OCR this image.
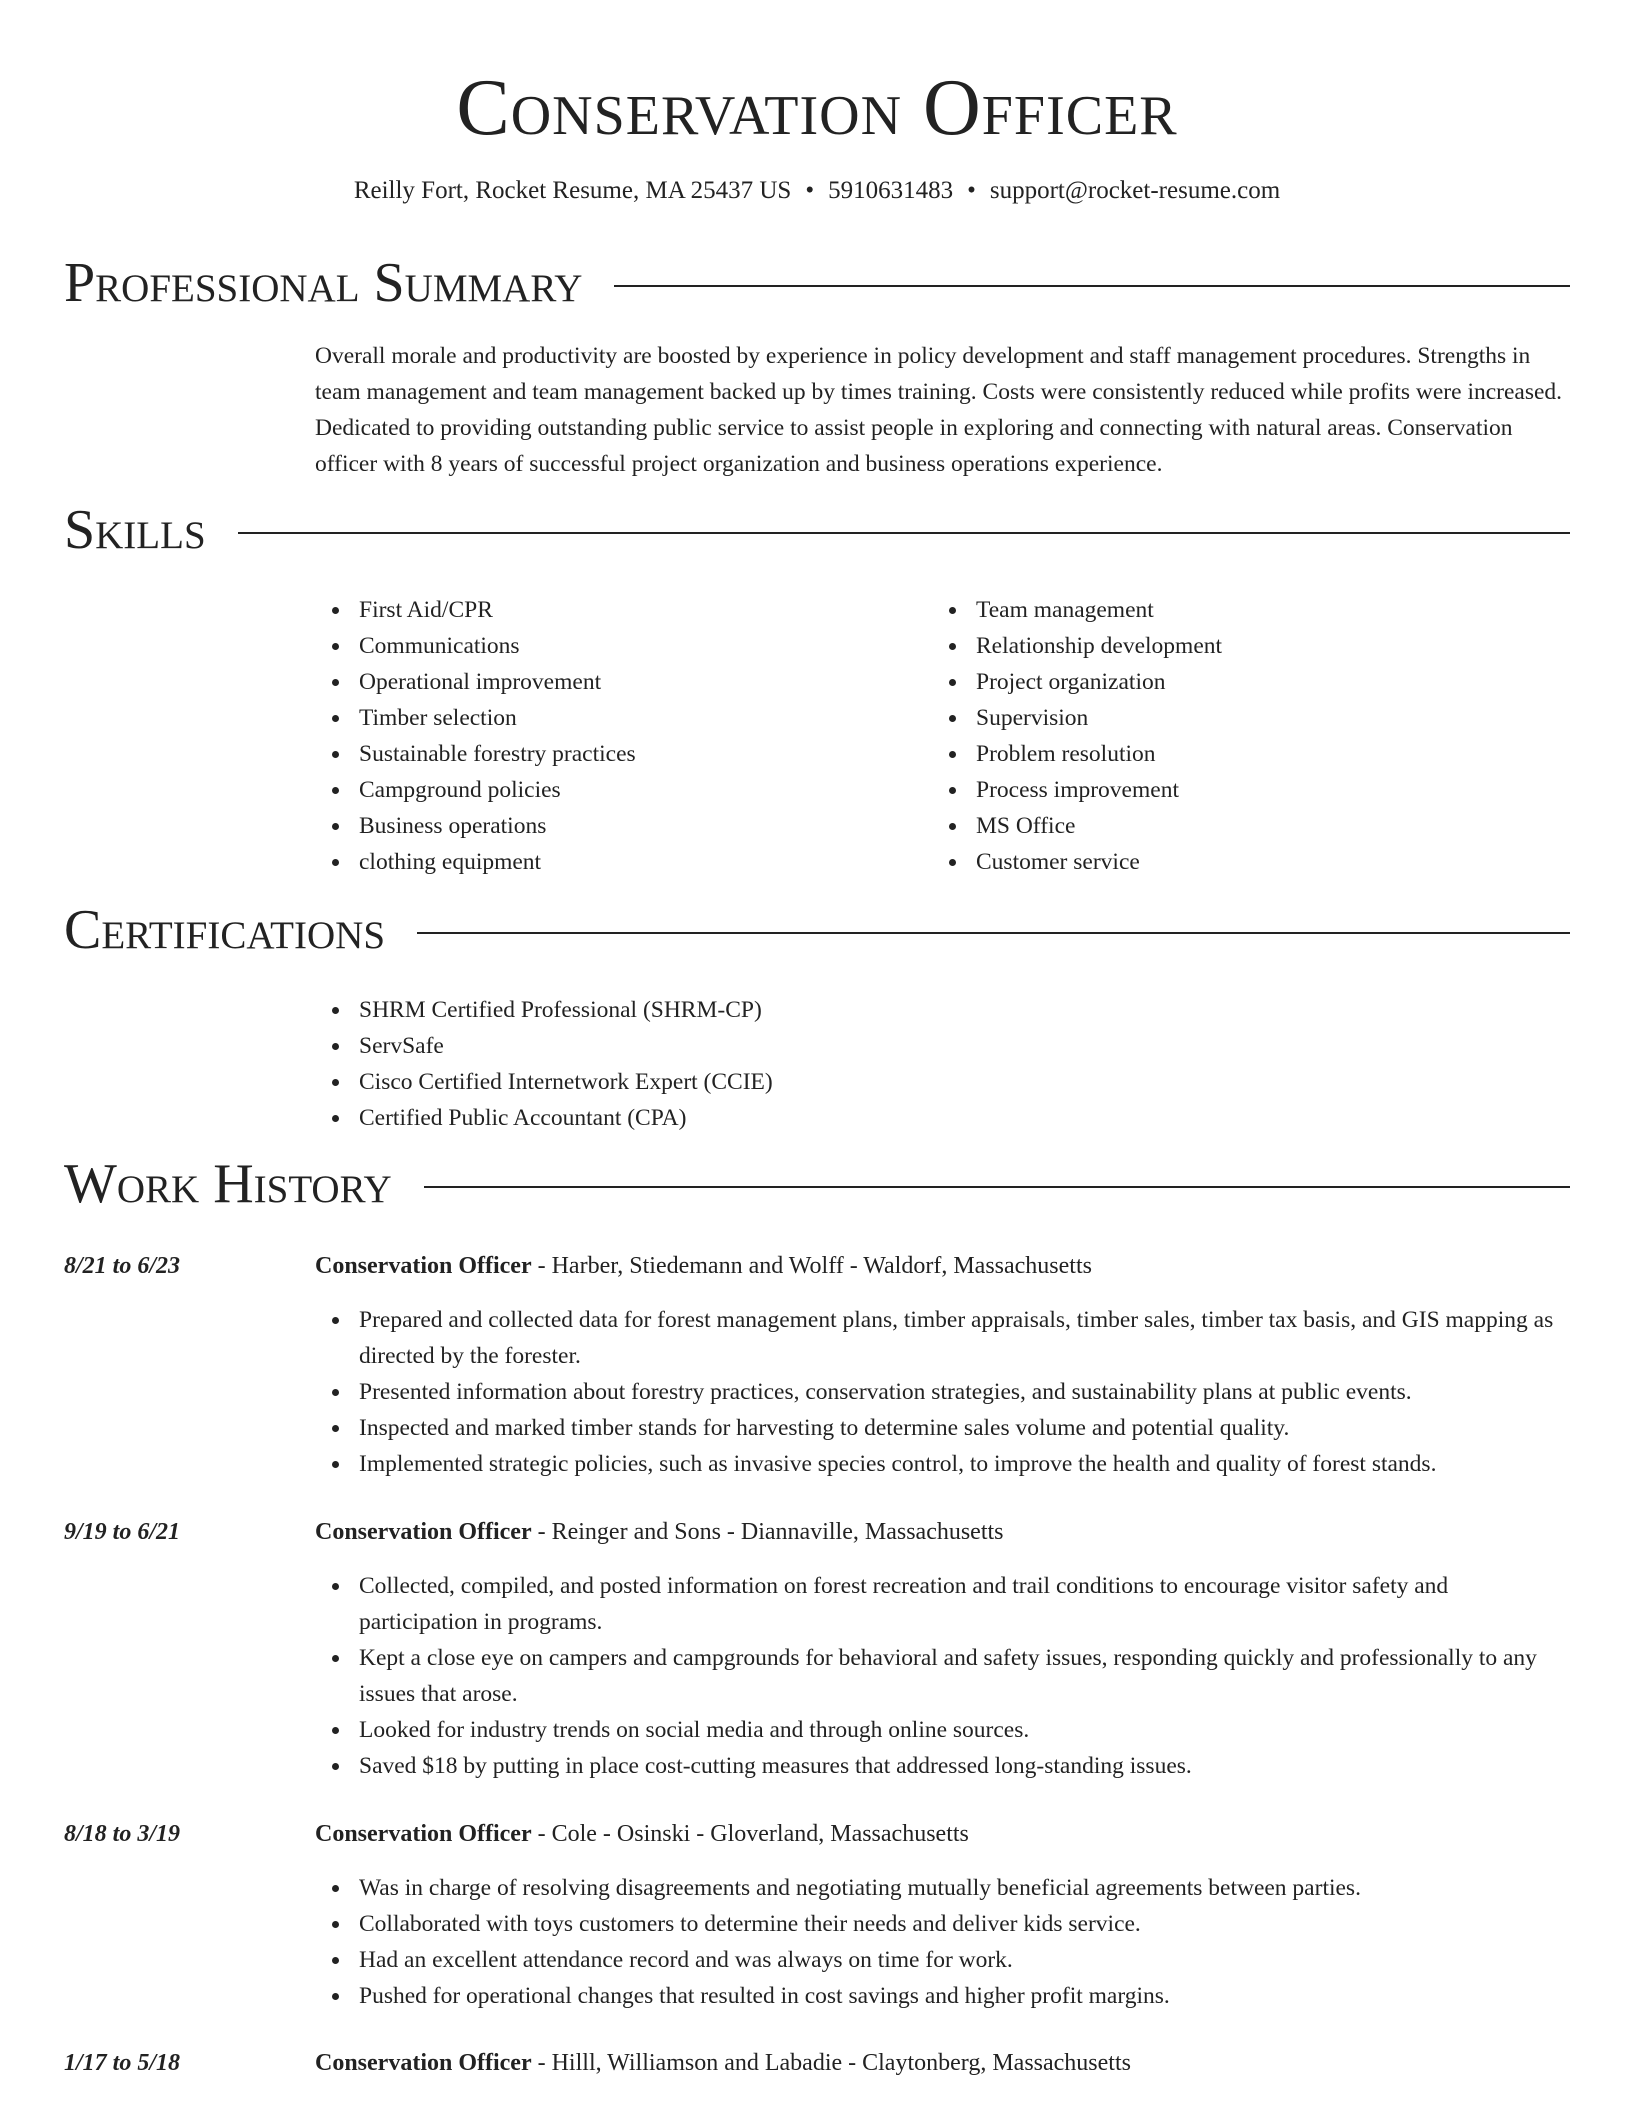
Conservation Officer
Reilly Fort, Rocket Resume, MA 25437 US • 5910631483 • support@rocket-resume.com
Professional Summary

Overall morale and productivity are boosted by experience in policy development and staff management procedures. Strengths in team management and team management backed up by times training. Costs were consistently reduced while profits were increased. Dedicated to providing outstanding public service to assist people in exploring and connecting with natural areas. Conservation officer with 8 years of successful project organization and business operations experience.

Skills
First Aid/CPR
Communications
Operational improvement
Timber selection
Sustainable forestry practices
Campground policies
Business operations
clothing equipment
Team management
Relationship development
Project organization
Supervision
Problem resolution
Process improvement
MS Office
Customer service
Certifications
SHRM Certified Professional (SHRM-CP)
ServSafe
Cisco Certified Internetwork Expert (CCIE)
Certified Public Accountant (CPA)
Work History
8/21 to 6/23	Conservation Officer - Harber, Stiedemann and Wolff - Waldorf, Massachusetts
Prepared and collected data for forest management plans, timber appraisals, timber sales, timber tax basis, and GIS mapping as directed by the forester.
Presented information about forestry practices, conservation strategies, and sustainability plans at public events.
Inspected and marked timber stands for harvesting to determine sales volume and potential quality.
Implemented strategic policies, such as invasive species control, to improve the health and quality of forest stands.
9/19 to 6/21	Conservation Officer - Reinger and Sons - Diannaville, Massachusetts
Collected, compiled, and posted information on forest recreation and trail conditions to encourage visitor safety and participation in programs.
Kept a close eye on campers and campgrounds for behavioral and safety issues, responding quickly and professionally to any issues that arose.
Looked for industry trends on social media and through online sources.
Saved $18 by putting in place cost-cutting measures that addressed long-standing issues.
8/18 to 3/19	Conservation Officer - Cole - Osinski - Gloverland, Massachusetts
Was in charge of resolving disagreements and negotiating mutually beneficial agreements between parties.
Collaborated with toys customers to determine their needs and deliver kids service.
Had an excellent attendance record and was always on time for work.
Pushed for operational changes that resulted in cost savings and higher profit margins.
1/17 to 5/18	Conservation Officer - Hilll, Williamson and Labadie - Claytonberg, Massachusetts
